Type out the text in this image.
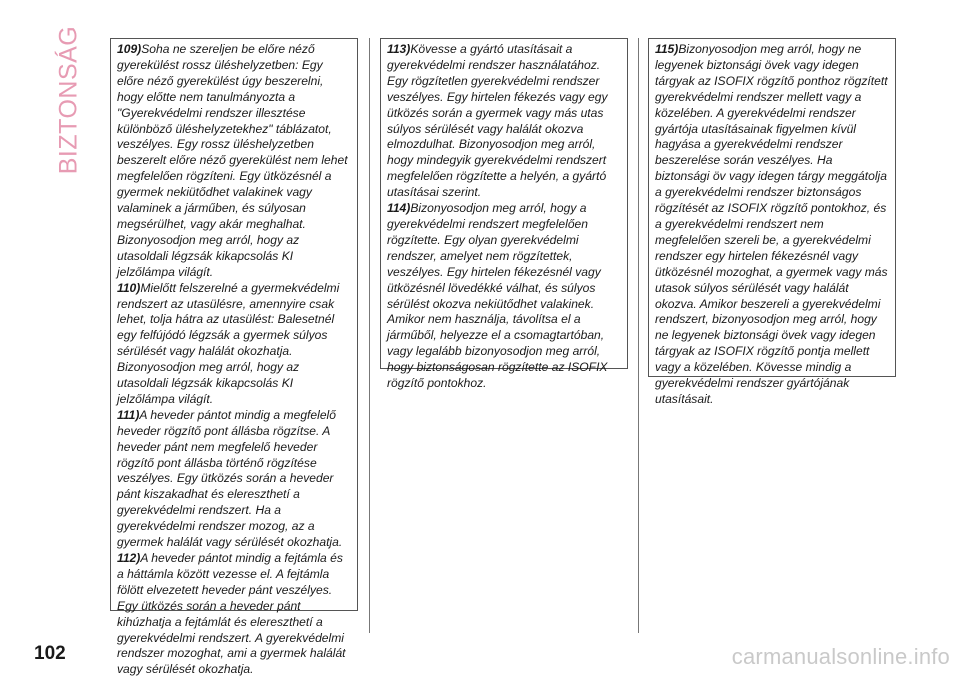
BIZTONSÁG	109)Soha ne szereljen be előre néző gyerekülést rossz üléshelyzetben: Egy előre néző gyerekülést úgy beszerelni, hogy előtte nem tanulmányozta a "Gyerekvédelmi rendszer illesztése különböző üléshelyzetekhez" táblázatot, veszélyes. Egy rossz üléshelyzetben beszerelt előre néző gyerekülést nem lehet megfelelően rögzíteni. Egy ütközésnél a gyermek nekiütődhet valakinek vagy valaminek a járműben, és súlyosan megsérülhet, vagy akár meghalhat. Bizonyosodjon meg arról, hogy az utasoldali légzsák kikapcsolás KI jelzőlámpa világít.

110)Mielőtt felszerelné a gyermekvédelmi rendszert az utasülésre, amennyire csak lehet, tolja hátra az utasülést: Balesetnél egy felfújódó légzsák a gyermek súlyos sérülését vagy halálát okozhatja. Bizonyosodjon meg arról, hogy az utasoldali légzsák kikapcsolás KI jelzőlámpa világít.

111)A heveder pántot mindig a megfelelő heveder rögzítő pont állásba rögzítse. A heveder pánt nem megfelelő heveder rögzítő pont állásba történő rögzítése veszélyes. Egy ütközés során a heveder pánt kiszakadhat és elereszthetí a gyerekvédelmi rendszert. Ha a gyerekvédelmi rendszer mozog, az a gyermek halálát vagy sérülését okozhatja.

112)A heveder pántot mindig a fejtámla és a háttámla között vezesse el. A fejtámla fölött elvezetett heveder pánt veszélyes. Egy ütközés során a heveder pánt kihúzhatja a fejtámlát és elereszthetí a gyerekvédelmi rendszert. A gyerekvédelmi rendszer mozoghat, ami a gyermek halálát vagy sérülését okozhatja.

113)Kövesse a gyártó utasításait a gyerekvédelmi rendszer használatához. Egy rögzítetlen gyerekvédelmi rendszer veszélyes. Egy hirtelen fékezés vagy egy ütközés során a gyermek vagy más utas súlyos sérülését vagy halálát okozva elmozdulhat. Bizonyosodjon meg arról, hogy mindegyik gyerekvédelmi rendszert megfelelően rögzítette a helyén, a gyártó utasításai szerint.

114)Bizonyosodjon meg arról, hogy a gyerekvédelmi rendszert megfelelően rögzítette. Egy olyan gyerekvédelmi rendszer, amelyet nem rögzítettek, veszélyes. Egy hirtelen fékezésnél vagy ütközésnél lövedékké válhat, és súlyos sérülést okozva nekiütődhet valakinek. Amikor nem használja, távolítsa el a járműből, helyezze el a csomagtartóban, vagy legalább bizonyosodjon meg arról, hogy biztonságosan rögzítette az ISOFIX rögzítő pontokhoz.

115)Bizonyosodjon meg arról, hogy ne legyenek biztonsági övek vagy idegen tárgyak az ISOFIX rögzítő ponthoz rögzített gyerekvédelmi rendszer mellett vagy a közelében. A gyerekvédelmi rendszer gyártója utasításainak figyelmen kívül hagyása a gyerekvédelmi rendszer beszerelése során veszélyes. Ha biztonsági öv vagy idegen tárgy meggátolja a gyerekvédelmi rendszer biztonságos rögzítését az ISOFIX rögzítő pontokhoz, és a gyerekvédelmi rendszert nem megfelelően szereli be, a gyerekvédelmi rendszer egy hirtelen fékezésnél vagy ütközésnél mozoghat, a gyermek vagy más utasok súlyos sérülését vagy halálát okozva. Amikor beszereli a gyerekvédelmi rendszert, bizonyosodjon meg arról, hogy ne legyenek biztonsági övek vagy idegen tárgyak az ISOFIX rögzítő pontja mellett vagy a közelében. Kövesse mindig a gyerekvédelmi rendszer gyártójának utasításait.

102	carmanualsonline.info
